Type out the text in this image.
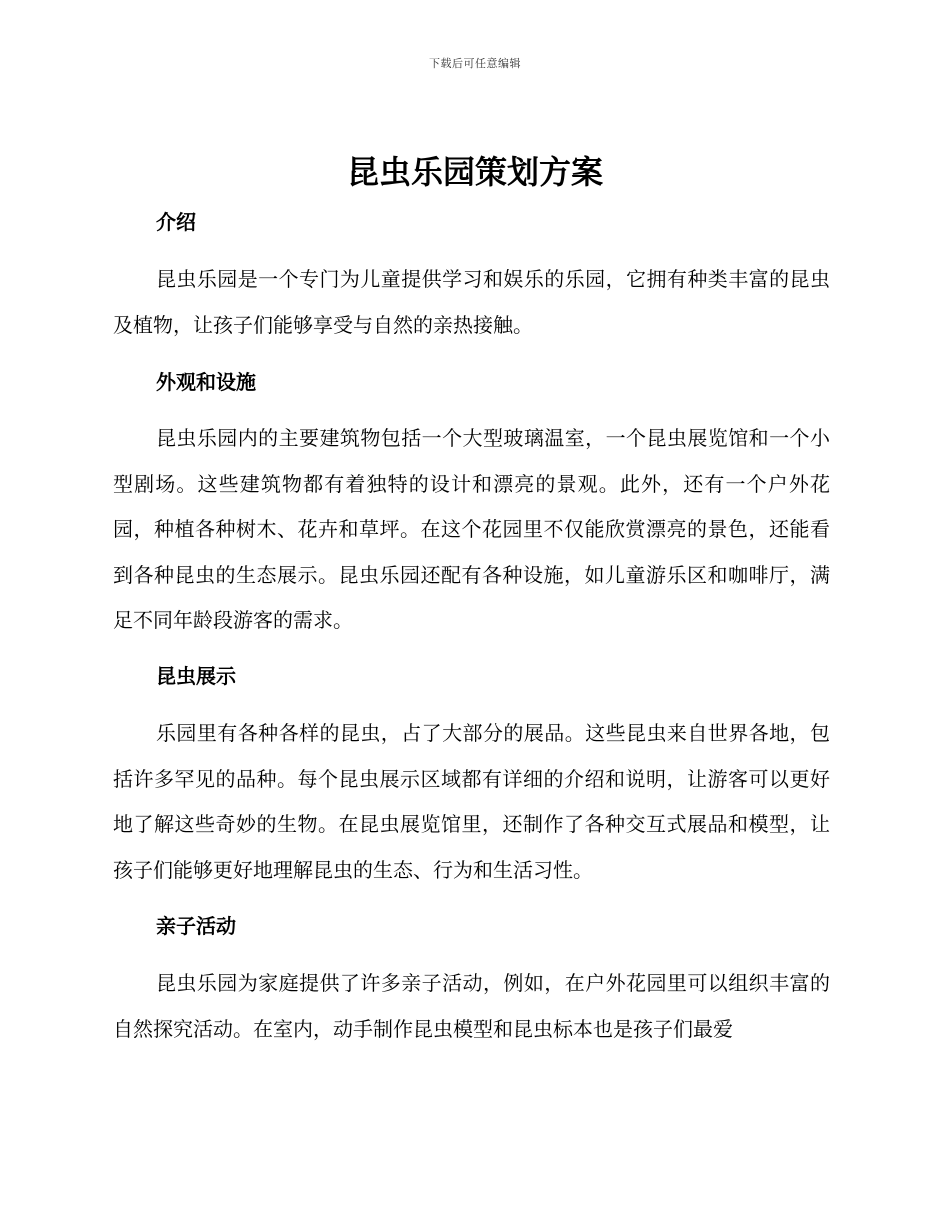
下载后可任意编辑
昆虫乐园策划方案
介绍

昆虫乐园是一个专门为儿童提供学习和娱乐的乐园，它拥有种类丰富的昆虫及植物，让孩子们能够享受与自然的亲热接触。

外观和设施

昆虫乐园内的主要建筑物包括一个大型玻璃温室，一个昆虫展览馆和一个小型剧场。这些建筑物都有着独特的设计和漂亮的景观。此外，还有一个户外花园，种植各种树木、花卉和草坪。在这个花园里不仅能欣赏漂亮的景色，还能看到各种昆虫的生态展示。昆虫乐园还配有各种设施，如儿童游乐区和咖啡厅，满足不同年龄段游客的需求。

昆虫展示

乐园里有各种各样的昆虫，占了大部分的展品。这些昆虫来自世界各地，包括许多罕见的品种。每个昆虫展示区域都有详细的介绍和说明，让游客可以更好地了解这些奇妙的生物。在昆虫展览馆里，还制作了各种交互式展品和模型，让孩子们能够更好地理解昆虫的生态、行为和生活习性。

亲子活动

昆虫乐园为家庭提供了许多亲子活动，例如，在户外花园里可以组织丰富的自然探究活动。在室内，动手制作昆虫模型和昆虫标本也是孩子们最爱
